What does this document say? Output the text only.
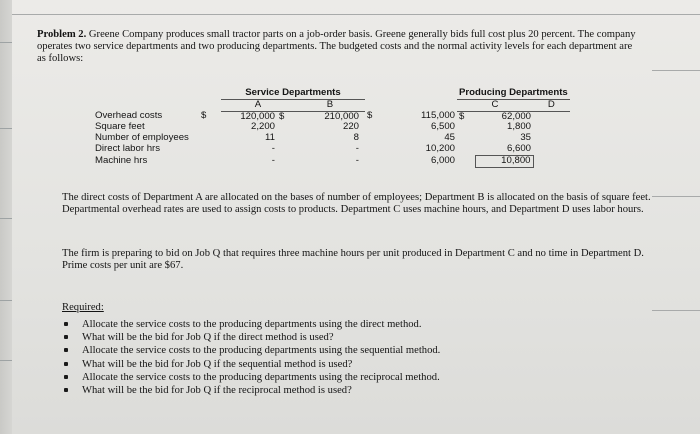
Problem 2. Greene Company produces small tractor parts on a job-order basis. Greene generally bids full cost plus 20 percent. The company operates two service departments and two producing departments. The budgeted costs and the normal activity levels for each department are as follows:
		Service Departments						Producing Departments		
		A		B				C		D
Overhead costs	$	120,000	$	210,000		$	115,000	$	62,000	
Square feet		2,200		220			6,500		1,800	
Number of employees		11		8			45		35	
Direct labor hrs		-		-			10,200		6,600	
Machine hrs		-		-			6,000		10,800	
The direct costs of Department A are allocated on the bases of number of employees; Department B is allocated on the basis of square feet. Departmental overhead rates are used to assign costs to products. Department C uses machine hours, and Department D uses labor hours.
The firm is preparing to bid on Job Q that requires three machine hours per unit produced in Department C and no time in Department D. Prime costs per unit are $67.
Required:
Allocate the service costs to the producing departments using the direct method.
What will be the bid for Job Q if the direct method is used?
Allocate the service costs to the producing departments using the sequential method.
What will be the bid for Job Q if the sequential method is used?
Allocate the service costs to the producing departments using the reciprocal method.
What will be the bid for Job Q if the reciprocal method is used?
